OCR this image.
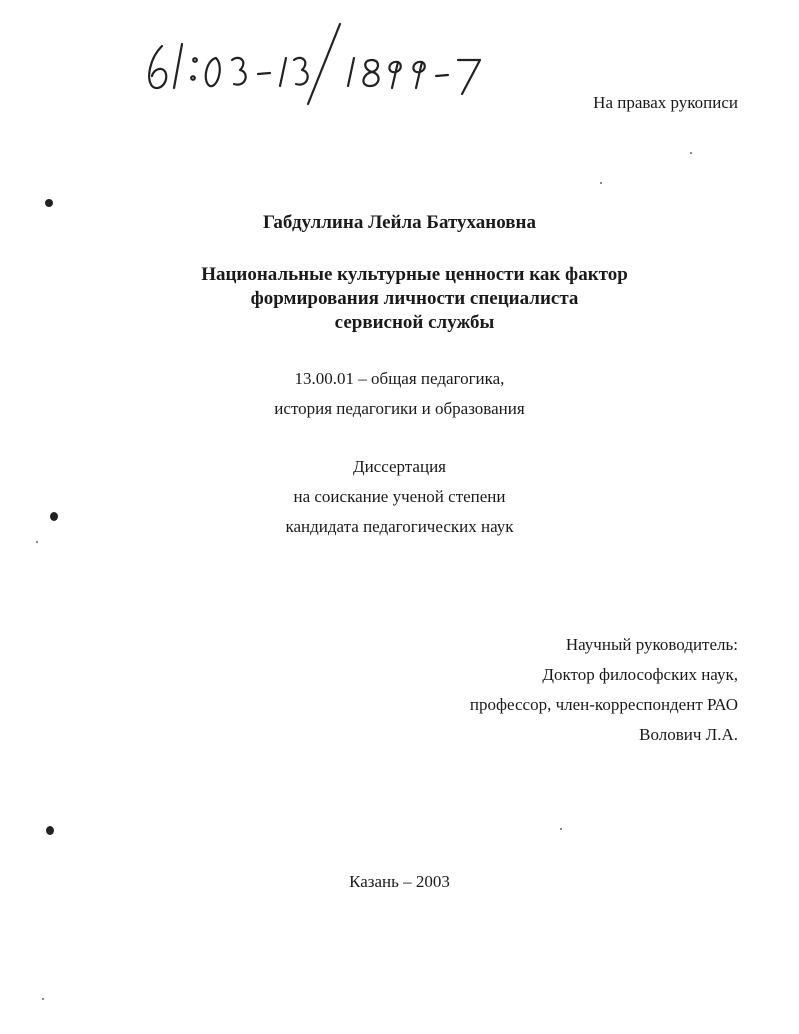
На правах рукописи
Габдуллина Лейла Батухановна
Национальные культурные ценности как фактор
формирования личности специалиста
сервисной службы
13.00.01 – общая педагогика,
история педагогики и образования
Диссертация
на соискание ученой степени
кандидата педагогических наук
Научный руководитель:
Доктор философских наук,
профессор, член-корреспондент РАО
Волович Л.А.
Казань – 2003
